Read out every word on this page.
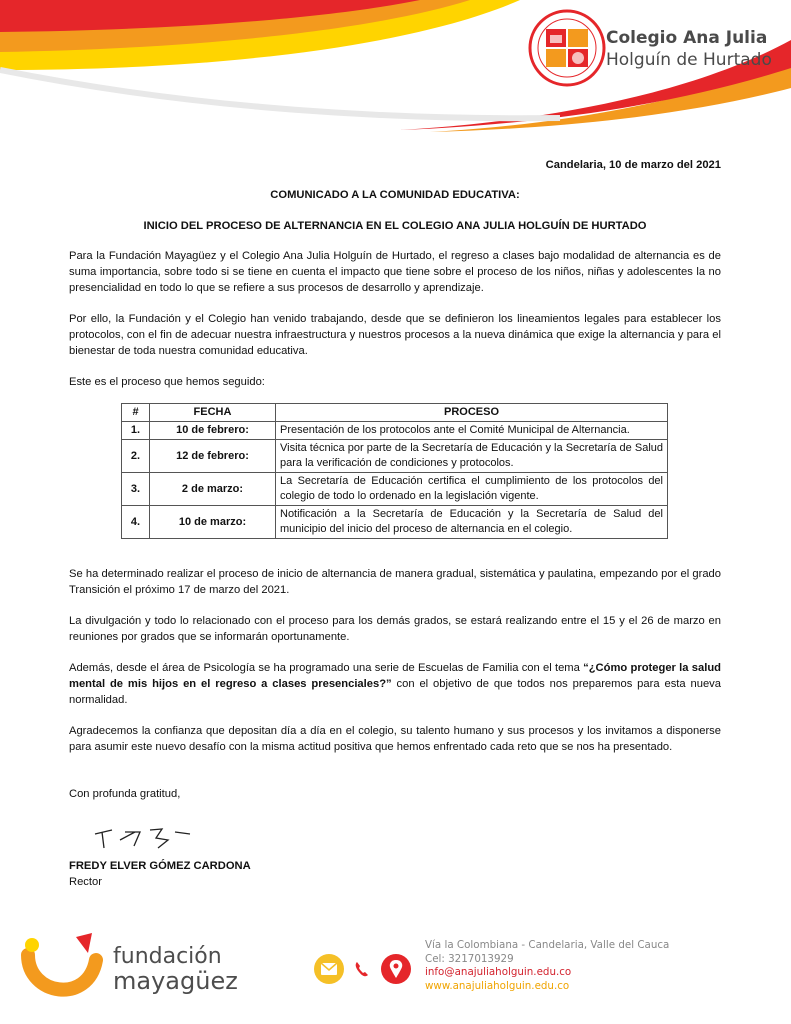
Colegio Ana Julia
Holguín de Hurtado
Candelaria, 10 de marzo del 2021
COMUNICADO A LA COMUNIDAD EDUCATIVA:
INICIO DEL PROCESO DE ALTERNANCIA EN EL COLEGIO ANA JULIA HOLGUÍN DE HURTADO

Para la Fundación Mayagüez y el Colegio Ana Julia Holguín de Hurtado, el regreso a clases bajo modalidad de alternancia es de suma importancia, sobre todo si se tiene en cuenta el impacto que tiene sobre el proceso de los niños, niñas y adolescentes la no presencialidad en todo lo que se refiere a sus procesos de desarrollo y aprendizaje.

Por ello, la Fundación y el Colegio han venido trabajando, desde que se definieron los lineamientos legales para establecer los protocolos, con el fin de adecuar nuestra infraestructura y nuestros procesos a la nueva dinámica que exige la alternancia y para el bienestar de toda nuestra comunidad educativa.

Este es el proceso que hemos seguido:

#	FECHA	PROCESO
1.	10 de febrero:	Presentación de los protocolos ante el Comité Municipal de Alternancia.
2.	12 de febrero:	Visita técnica por parte de la Secretaría de Educación y la Secretaría de Salud para la verificación de condiciones y protocolos.
3.	2 de marzo:	La Secretaría de Educación certifica el cumplimiento de los protocolos del colegio de todo lo ordenado en la legislación vigente.
4.	10 de marzo:	Notificación a la Secretaría de Educación y la Secretaría de Salud del municipio del inicio del proceso de alternancia en el colegio.

Se ha determinado realizar el proceso de inicio de alternancia de manera gradual, sistemática y paulatina, empezando por el grado Transición el próximo 17 de marzo del 2021.

La divulgación y todo lo relacionado con el proceso para los demás grados, se estará realizando entre el 15 y el 26 de marzo en reuniones por grados que se informarán oportunamente.

Además, desde el área de Psicología se ha programado una serie de Escuelas de Familia con el tema “¿Cómo proteger la salud mental de mis hijos en el regreso a clases presenciales?” con el objetivo de que todos nos preparemos para esta nueva normalidad.

Agradecemos la confianza que depositan día a día en el colegio, su talento humano y sus procesos y los invitamos a disponerse para asumir este nuevo desafío con la misma actitud positiva que hemos enfrentado cada reto que se nos ha presentado.

Con profunda gratitud,

FREDY ELVER GÓMEZ CARDONA
Rector
fundación
mayagüez
Vía la Colombiana - Candelaria, Valle del Cauca
Cel: 3217013929
info@anajuliaholguin.edu.co
www.anajuliaholguin.edu.co
